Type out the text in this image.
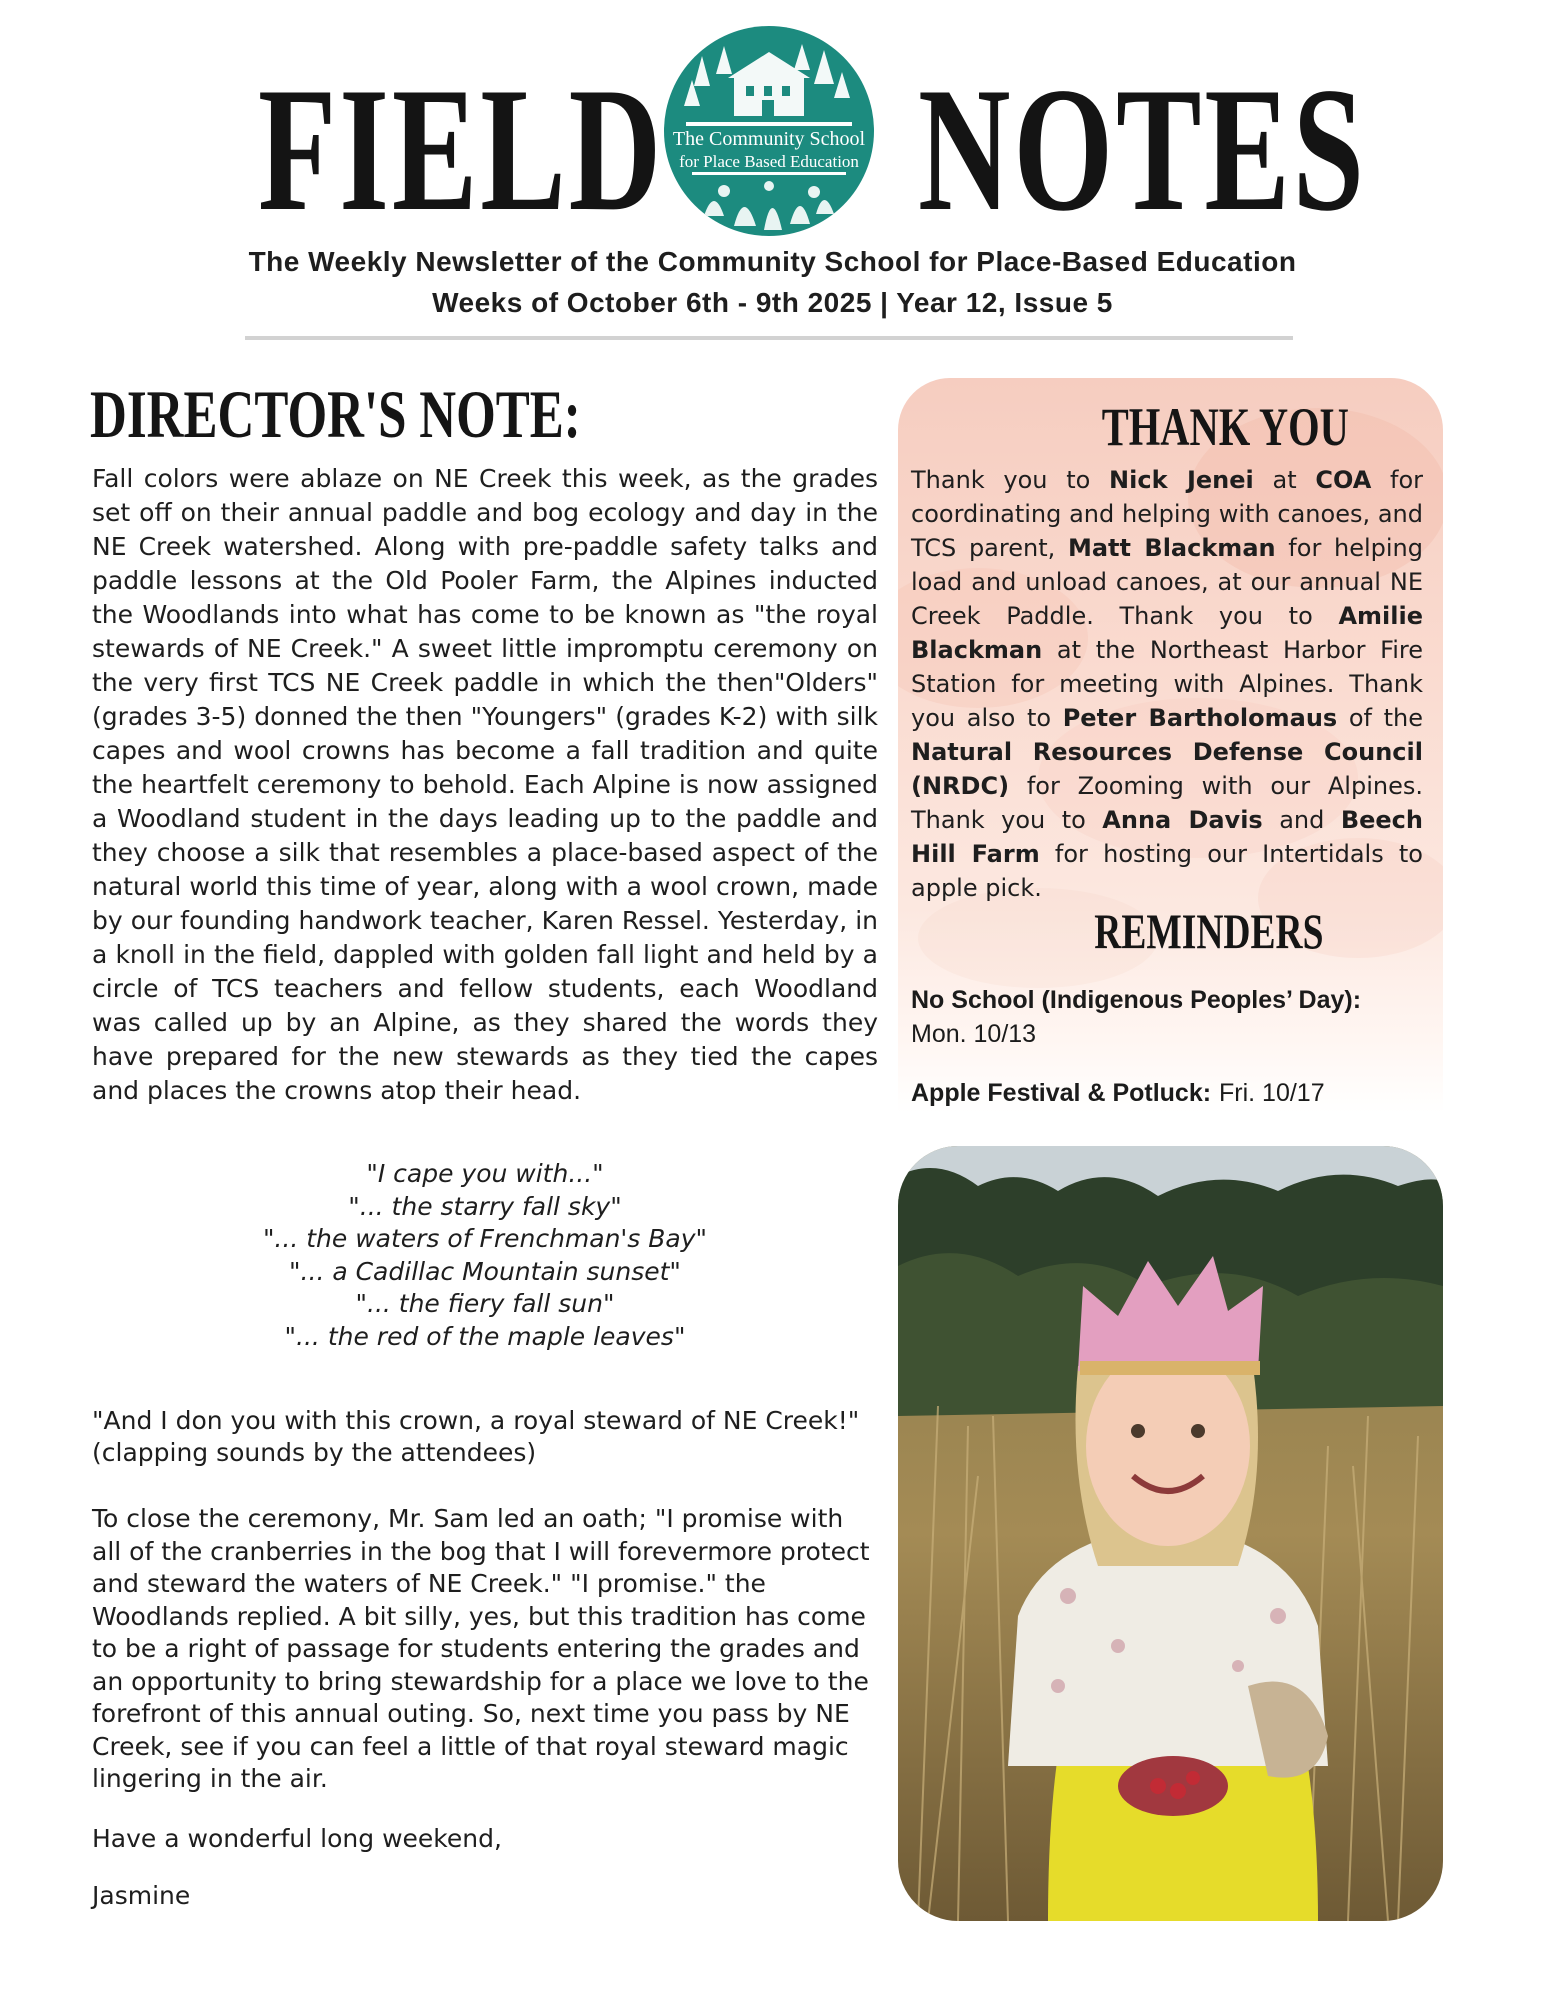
FIELD The Community School
for Place Based Education NOTES
The Weekly Newsletter of the Community School for Place-Based Education
Weeks of October 6th - 9th 2025 | Year 12, Issue 5
DIRECTOR'S NOTE:
Fall colors were ablaze on NE Creek this week, as the grades set off on their annual paddle and bog ecology and day in the NE Creek watershed. Along with pre-paddle safety talks and paddle lessons at the Old Pooler Farm, the Alpines inducted the Woodlands into what has come to be known as "the royal stewards of NE Creek." A sweet little impromptu ceremony on the very first TCS NE Creek paddle in which the then"Olders" (grades 3-5) donned the then "Youngers" (grades K-2) with silk capes and wool crowns has become a fall tradition and quite the heartfelt ceremony to behold. Each Alpine is now assigned a Woodland student in the days leading up to the paddle and they choose a silk that resembles a place-based aspect of the natural world this time of year, along with a wool crown, made by our founding handwork teacher, Karen Ressel. Yesterday, in a knoll in the field, dappled with golden fall light and held by a circle of TCS teachers and fellow students, each Woodland was called up by an Alpine, as they shared the words they have prepared for the new stewards as they tied the capes and places the crowns atop their head.
"I cape you with..."
"... the starry fall sky"
"... the waters of Frenchman's Bay"
"... a Cadillac Mountain sunset"
"... the fiery fall sun"
"... the red of the maple leaves"
"And I don you with this crown, a royal steward of NE Creek!" (clapping sounds by the attendees)
To close the ceremony, Mr. Sam led an oath; "I promise with all of the cranberries in the bog that I will forevermore protect and steward the waters of NE Creek." "I promise." the Woodlands replied. A bit silly, yes, but this tradition has come to be a right of passage for students entering the grades and an opportunity to bring stewardship for a place we love to the forefront of this annual outing. So, next time you pass by NE Creek, see if you can feel a little of that royal steward magic lingering in the air.
Have a wonderful long weekend,
Jasmine
THANK YOU
Thank you to Nick Jenei at COA for coordinating and helping with canoes, and TCS parent, Matt Blackman for helping load and unload canoes, at our annual NE Creek Paddle. Thank you to Amilie Blackman at the Northeast Harbor Fire Station for meeting with Alpines. Thank you also to Peter Bartholomaus of the Natural Resources Defense Council (NRDC) for Zooming with our Alpines. Thank you to Anna Davis and Beech Hill Farm for hosting our Intertidals to apple pick.
REMINDERS
No School (Indigenous Peoples’ Day):
Mon. 10/13
Apple Festival & Potluck: Fri. 10/17
